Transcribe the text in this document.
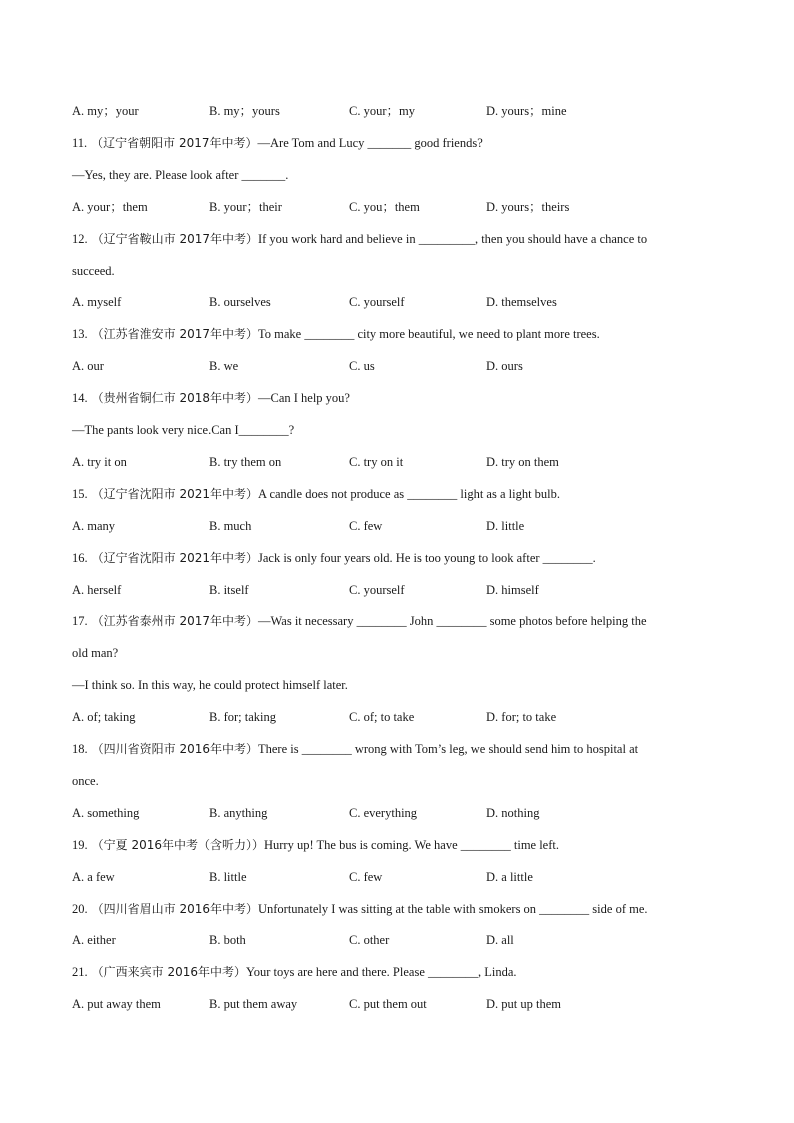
A. my；your	B. my；yours	C. your；my	D. yours；mine
11. （辽宁省朝阳市 2017年中考）—Are Tom and Lucy _______ good friends?
—Yes, they are. Please look after _______.
A. your；them	B. your；their	C. you；them	D. yours；theirs
12. （辽宁省鞍山市 2017年中考）If you work hard and believe in _________, then you should have a chance to
succeed.
A. myself	B. ourselves	C. yourself	D. themselves
13. （江苏省淮安市 2017年中考）To make ________ city more beautiful, we need to plant more trees.
A. our	B. we	C. us	D. ours
14. （贵州省铜仁市 2018年中考）—Can I help you?
—The pants look very nice.Can I________?
A. try it on	B. try them on	C. try on it	D. try on them
15. （辽宁省沈阳市 2021年中考）A candle does not produce as ________ light as a light bulb.
A. many	B. much	C. few	D. little
16. （辽宁省沈阳市 2021年中考）Jack is only four years old. He is too young to look after ________.
A. herself	B. itself	C. yourself	D. himself
17. （江苏省泰州市 2017年中考）—Was it necessary ________ John ________ some photos before helping the
old man?
—I think so. In this way, he could protect himself later.
A. of; taking	B. for; taking	C. of; to take	D. for; to take
18. （四川省资阳市 2016年中考）There is ________ wrong with Tom’s leg, we should send him to hospital at
once.
A. something	B. anything	C. everything	D. nothing
19. （宁夏 2016年中考（含听力））Hurry up! The bus is coming. We have ________ time left.
A. a few	B. little	C. few	D. a little
20. （四川省眉山市 2016年中考）Unfortunately I was sitting at the table with smokers on ________ side of me.
A. either	B. both	C. other	D. all
21. （广西来宾市 2016年中考）Your toys are here and there. Please ________, Linda.
A. put away them	B. put them away	C. put them out	D. put up them
